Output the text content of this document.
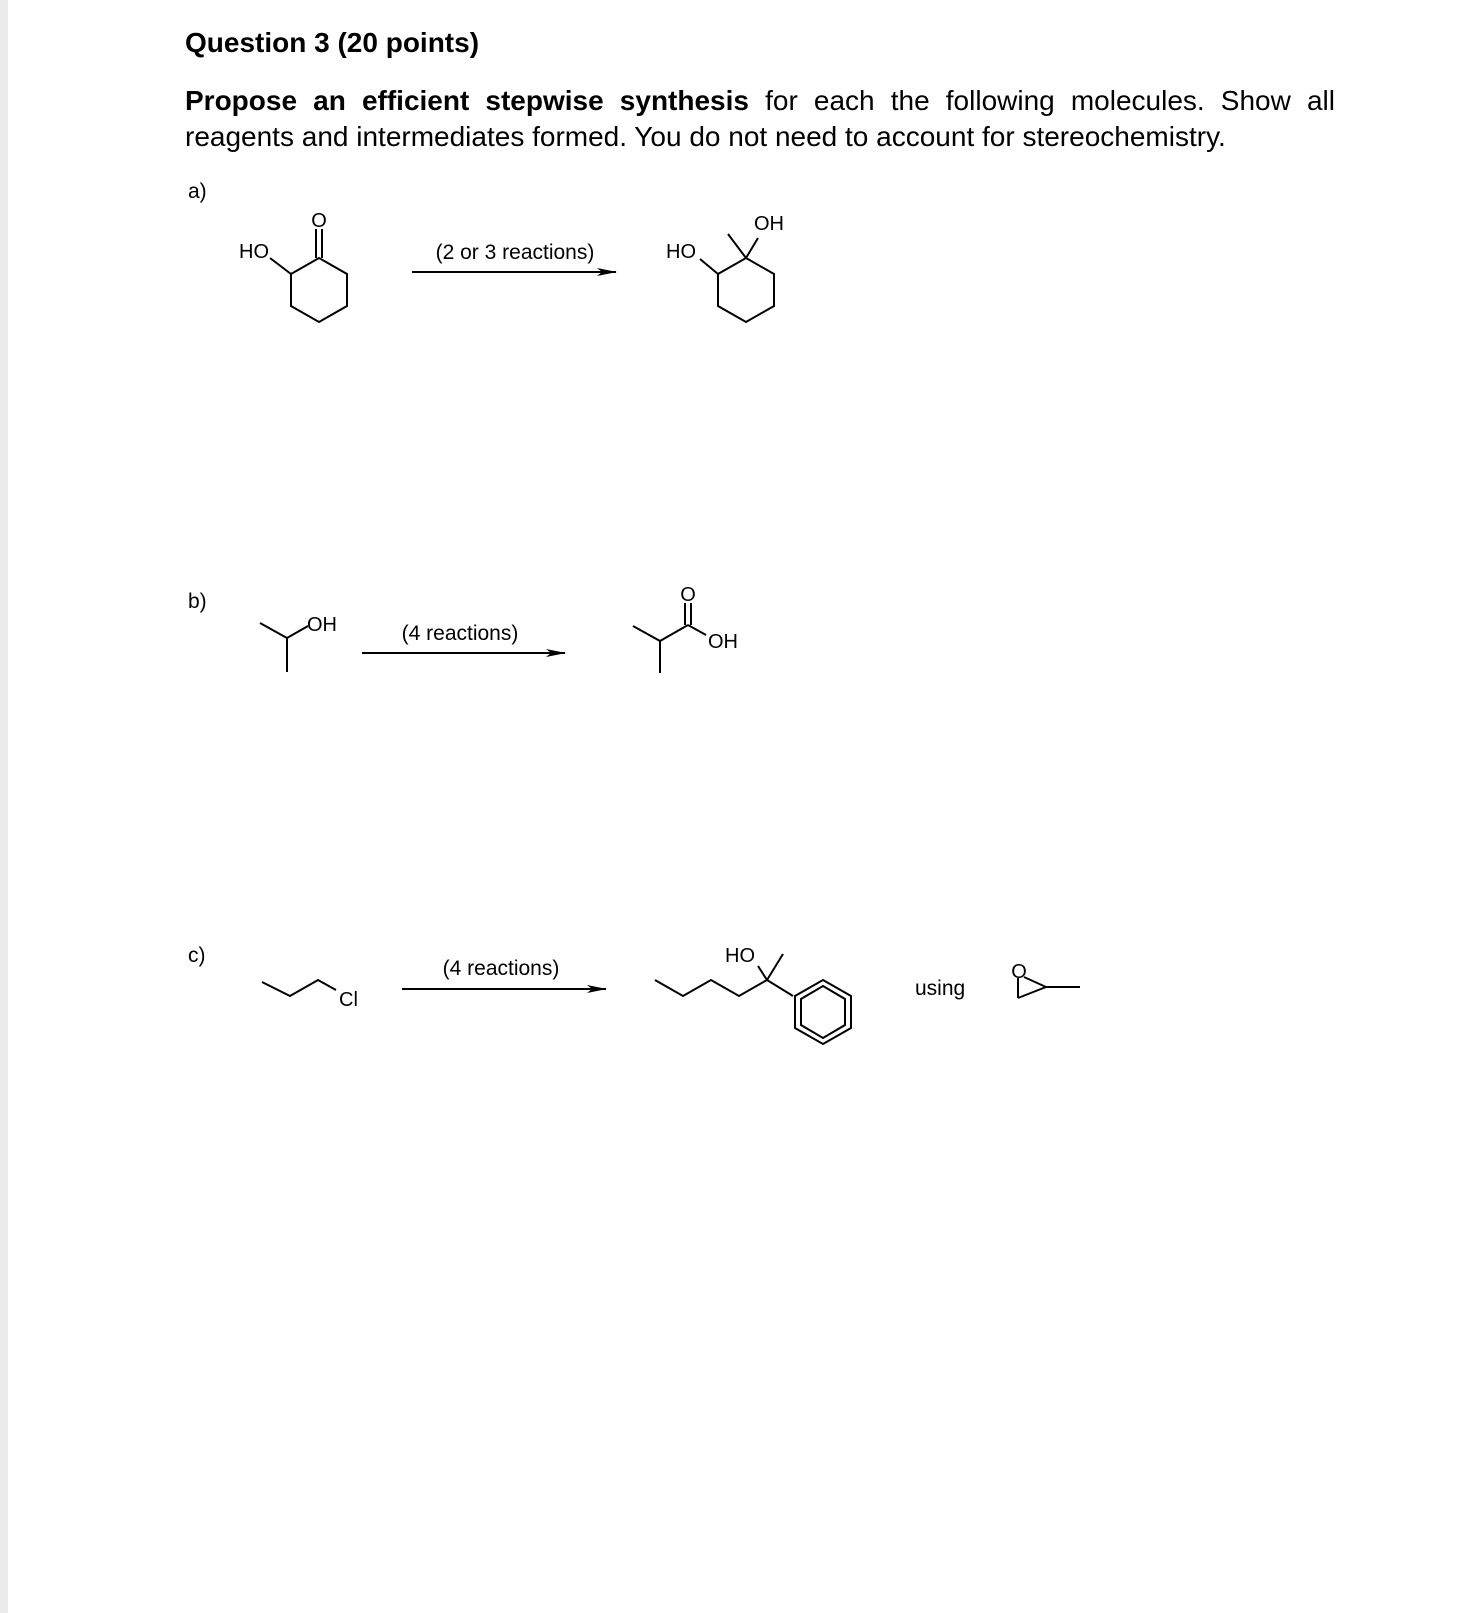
Question 3 (20 points)
Propose an efficient stepwise synthesis for each the following molecules. Show all reagents and intermediates formed. You do not need to account for stereochemistry.
a)
b)
c)
O
HO	(2 or 3 reactions)	HO
OH
OH	(4 reactions)
O
OH
Cl
(4 reactions)
HO
using
O
